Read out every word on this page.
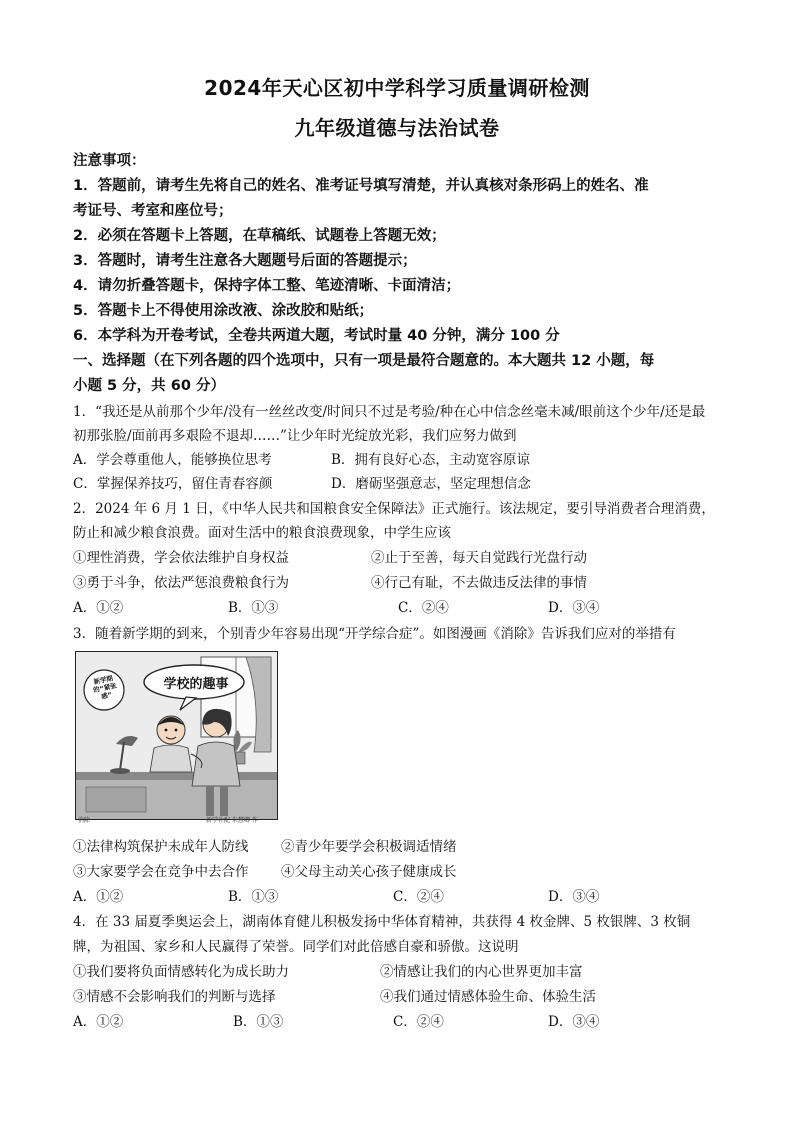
2024年天心区初中学科学习质量调研检测
九年级道德与法治试卷
注意事项：
1．答题前，请考生先将自己的姓名、准考证号填写清楚，并认真核对条形码上的姓名、准
考证号、考室和座位号；
2．必须在答题卡上答题，在草稿纸、试题卷上答题无效；
3．答题时，请考生注意各大题题号后面的答题提示；
4．请勿折叠答题卡，保持字体工整、笔迹清晰、卡面清洁；
5．答题卡上不得使用涂改液、涂改胶和贴纸；
6．本学科为开卷考试，全卷共两道大题，考试时量 40 分钟，满分 100 分
一、选择题（在下列各题的四个选项中，只有一项是最符合题意的。本大题共 12 小题，每
小题 5 分，共 60 分）
1．“我还是从前那个少年/没有一丝丝改变/时间只不过是考验/种在心中信念丝毫未减/眼前这个少年/还是最
初那张脸/面前再多艰险不退却……”让少年时光绽放光彩，我们应努力做到
A．学会尊重他人，能够换位思考	B．拥有良好心态，主动宽容原谅
C．掌握保养技巧，留住青春容颜	D．磨砺坚强意志，坚定理想信念
2．2024 年 6 月 1 日，《中华人民共和国粮食安全保障法》正式施行。该法规定，要引导消费者合理消费，
防止和减少粮食浪费。面对生活中的粮食浪费现象，中学生应该
①理性消费，学会依法维护自身权益	②止于至善，每天自觉践行光盘行动
③勇于斗争，依法严惩浪费粮食行为	④行己有耻，不去做违反法律的事情
A．①②	B．①③	C．②④	D．③④
3．随着新学期的到来，个别青少年容易出现“开学综合症”。如图漫画《消除》告诉我们应对的举措有
学校的趣事
新学期的“紧张感”
消除	新学社配 朱慧卿 作
①法律构筑保护未成年人防线 ②青少年要学会积极调适情绪
③大家要学会在竞争中去合作 ④父母主动关心孩子健康成长
A．①②	B．①③	C．②④	D．③④
4．在 33 届夏季奥运会上，湖南体育健儿积极发扬中华体育精神，共获得 4 枚金牌、5 枚银牌、3 枚铜
牌，为祖国、家乡和人民赢得了荣誉。同学们对此倍感自豪和骄傲。这说明
①我们要将负面情感转化为成长助力	②情感让我们的内心世界更加丰富
③情感不会影响我们的判断与选择	④我们通过情感体验生命、体验生活
A．①②	B．①③	C．②④	D．③④
